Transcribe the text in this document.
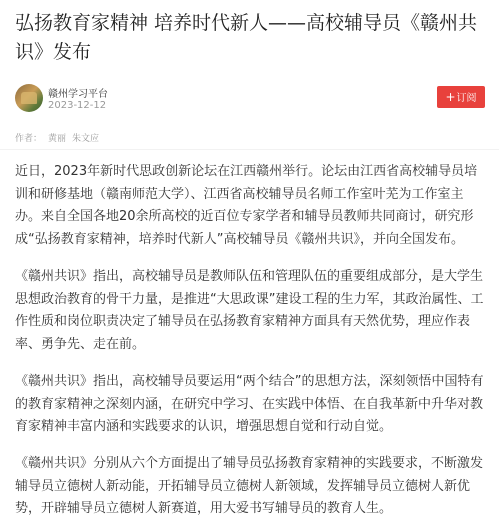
弘扬教育家精神 培养时代新人——高校辅导员《赣州共识》发布
赣州学习平台
2023-12-12
+订阅
作者： 黄丽 朱文应

近日，2023年新时代思政创新论坛在江西赣州举行。论坛由江西省高校辅导员培训和研修基地（赣南师范大学）、江西省高校辅导员名师工作室叶芜为工作室主办。来自全国各地20余所高校的近百位专家学者和辅导员教师共同商讨，研究形成“弘扬教育家精神，培养时代新人”高校辅导员《赣州共识》，并向全国发布。

《赣州共识》指出，高校辅导员是教师队伍和管理队伍的重要组成部分，是大学生思想政治教育的骨干力量，是推进“大思政课”建设工程的生力军，其政治属性、工作性质和岗位职责决定了辅导员在弘扬教育家精神方面具有天然优势，理应作表率、勇争先、走在前。

《赣州共识》指出，高校辅导员要运用“两个结合”的思想方法，深刻领悟中国特有的教育家精神之深刻内涵，在研究中学习、在实践中体悟、在自我革新中升华对教育家精神丰富内涵和实践要求的认识，增强思想自觉和行动自觉。

《赣州共识》分别从六个方面提出了辅导员弘扬教育家精神的实践要求，不断激发辅导员立德树人新动能，开拓辅导员立德树人新领域，发挥辅导员立德树人新优势，开辟辅导员立德树人新赛道，用大爱书写辅导员的教育人生。
